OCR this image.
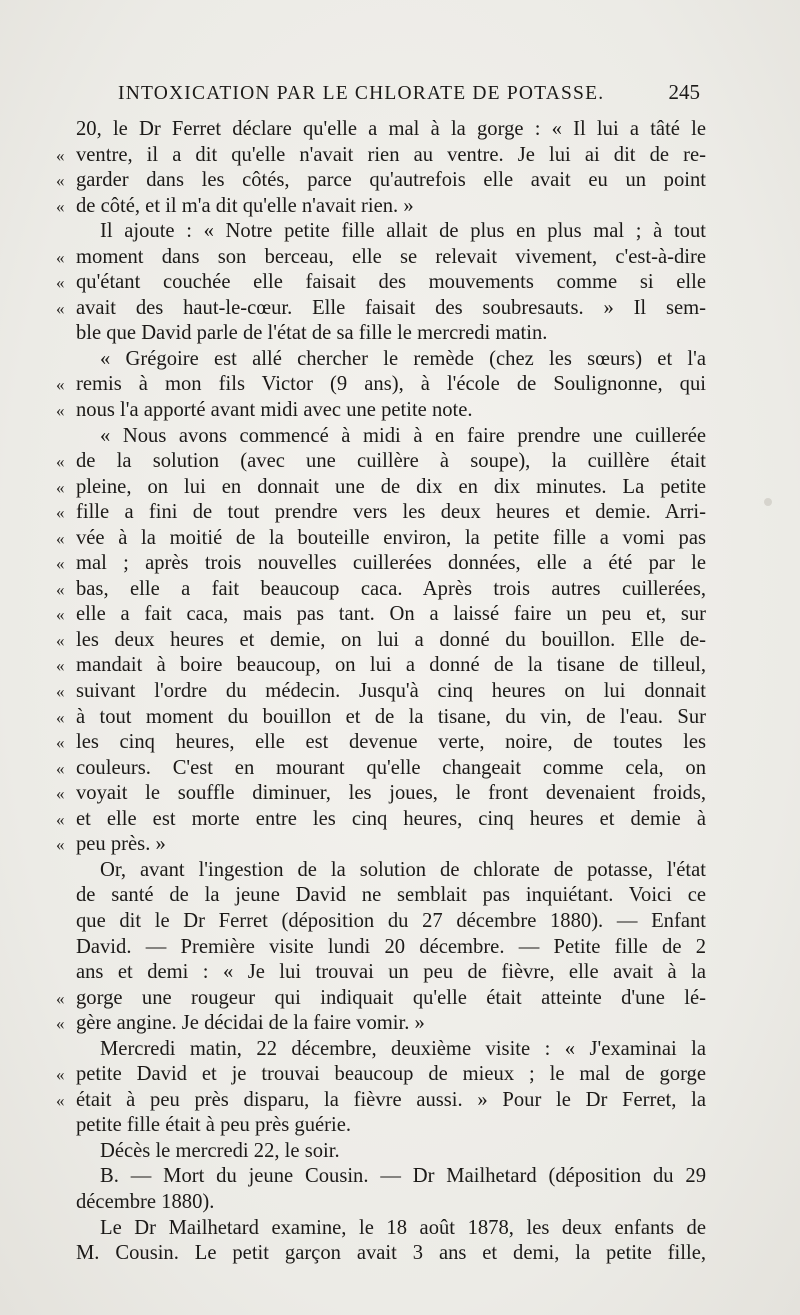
INTOXICATION PAR LE CHLORATE DE POTASSE.	245
20, le Dr Ferret déclare qu'elle a mal à la gorge : « Il lui a tâté le
« ventre, il a dit qu'elle n'avait rien au ventre. Je lui ai dit de re-
« garder dans les côtés, parce qu'autrefois elle avait eu un point
« de côté, et il m'a dit qu'elle n'avait rien. »
Il ajoute : « Notre petite fille allait de plus en plus mal ; à tout
« moment dans son berceau, elle se relevait vivement, c'est-à-dire
« qu'étant couchée elle faisait des mouvements comme si elle
« avait des haut-le-cœur. Elle faisait des soubresauts. » Il sem-
ble que David parle de l'état de sa fille le mercredi matin.
« Grégoire est allé chercher le remède (chez les sœurs) et l'a
« remis à mon fils Victor (9 ans), à l'école de Soulignonne, qui
« nous l'a apporté avant midi avec une petite note.
« Nous avons commencé à midi à en faire prendre une cuillerée
« de la solution (avec une cuillère à soupe), la cuillère était
« pleine, on lui en donnait une de dix en dix minutes. La petite
« fille a fini de tout prendre vers les deux heures et demie. Arri-
« vée à la moitié de la bouteille environ, la petite fille a vomi pas
« mal ; après trois nouvelles cuillerées données, elle a été par le
« bas, elle a fait beaucoup caca. Après trois autres cuillerées,
« elle a fait caca, mais pas tant. On a laissé faire un peu et, sur
« les deux heures et demie, on lui a donné du bouillon. Elle de-
« mandait à boire beaucoup, on lui a donné de la tisane de tilleul,
« suivant l'ordre du médecin. Jusqu'à cinq heures on lui donnait
« à tout moment du bouillon et de la tisane, du vin, de l'eau. Sur
« les cinq heures, elle est devenue verte, noire, de toutes les
« couleurs. C'est en mourant qu'elle changeait comme cela, on
« voyait le souffle diminuer, les joues, le front devenaient froids,
« et elle est morte entre les cinq heures, cinq heures et demie à
« peu près. »
Or, avant l'ingestion de la solution de chlorate de potasse, l'état
de santé de la jeune David ne semblait pas inquiétant. Voici ce
que dit le Dr Ferret (déposition du 27 décembre 1880). — Enfant
David. — Première visite lundi 20 décembre. — Petite fille de 2
ans et demi : « Je lui trouvai un peu de fièvre, elle avait à la
« gorge une rougeur qui indiquait qu'elle était atteinte d'une lé-
« gère angine. Je décidai de la faire vomir. »
Mercredi matin, 22 décembre, deuxième visite : « J'examinai la
« petite David et je trouvai beaucoup de mieux ; le mal de gorge
« était à peu près disparu, la fièvre aussi. » Pour le Dr Ferret, la
petite fille était à peu près guérie.
Décès le mercredi 22, le soir.
B. — Mort du jeune Cousin. — Dr Mailhetard (déposition du 29
décembre 1880).
Le Dr Mailhetard examine, le 18 août 1878, les deux enfants de
M. Cousin. Le petit garçon avait 3 ans et demi, la petite fille,
